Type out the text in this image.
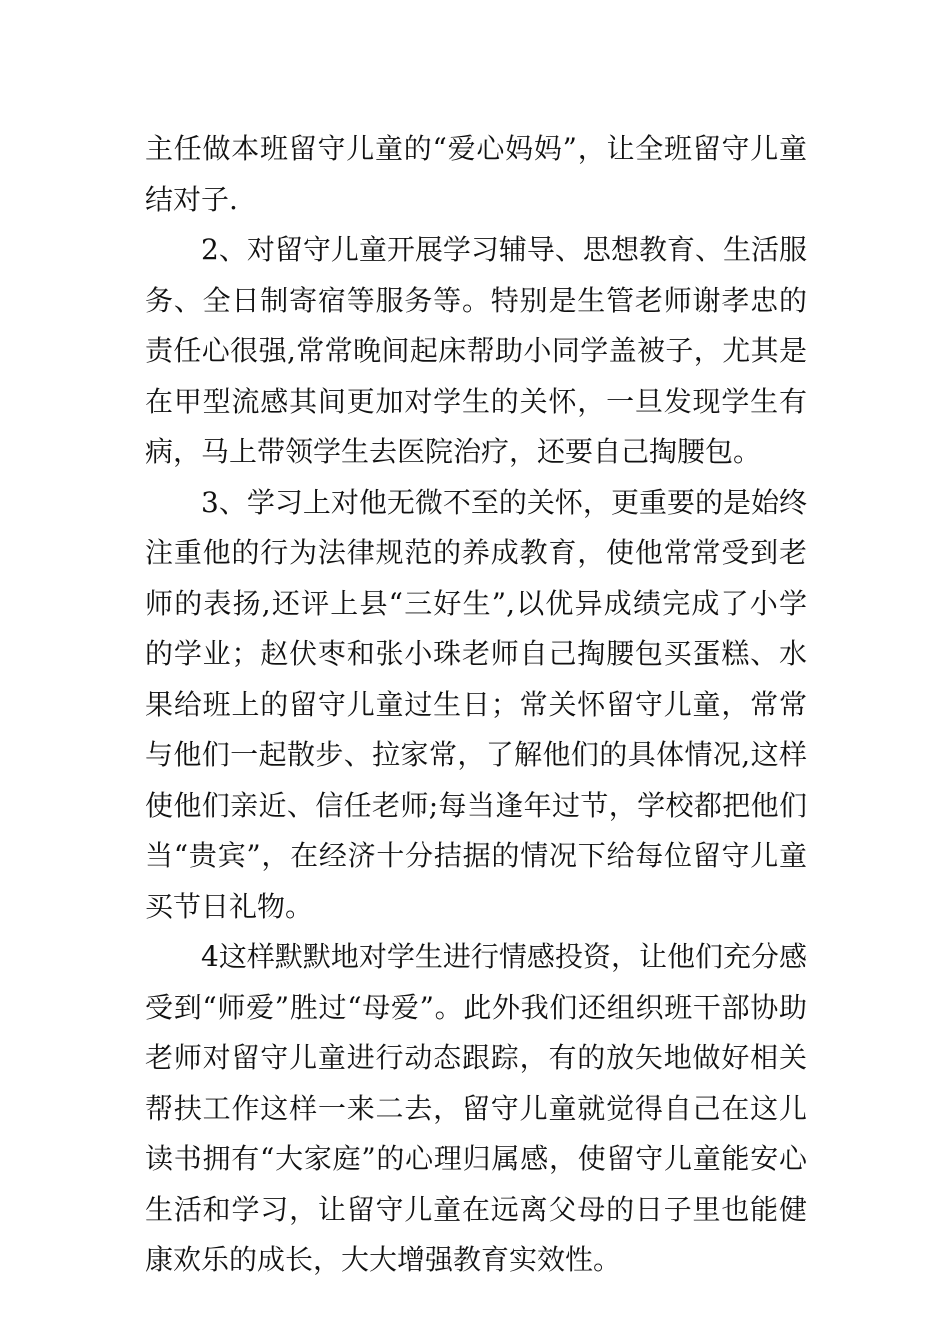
主任做本班留守儿童的“爱心妈妈”，让全班留守儿童结对子.

2、对留守儿童开展学习辅导、思想教育、生活服务、全日制寄宿等服务等。特别是生管老师谢孝忠的责任心很强,常常晚间起床帮助小同学盖被子，尤其是在甲型流感其间更加对学生的关怀，一旦发现学生有病，马上带领学生去医院治疗，还要自己掏腰包。

3、学习上对他无微不至的关怀，更重要的是始终注重他的行为法律规范的养成教育，使他常常受到老师的表扬,还评上县“三好生”,以优异成绩完成了小学的学业；赵伏枣和张小珠老师自己掏腰包买蛋糕、水果给班上的留守儿童过生日；常关怀留守儿童，常常与他们一起散步、拉家常，了解他们的具体情况,这样使他们亲近、信任老师;每当逢年过节，学校都把他们当“贵宾”，在经济十分拮据的情况下给每位留守儿童买节日礼物。

4这样默默地对学生进行情感投资，让他们充分感受到“师爱”胜过“母爱”。此外我们还组织班干部协助老师对留守儿童进行动态跟踪，有的放矢地做好相关帮扶工作这样一来二去，留守儿童就觉得自己在这儿读书拥有“大家庭”的心理归属感，使留守儿童能安心生活和学习，让留守儿童在远离父母的日子里也能健康欢乐的成长，大大增强教育实效性。
